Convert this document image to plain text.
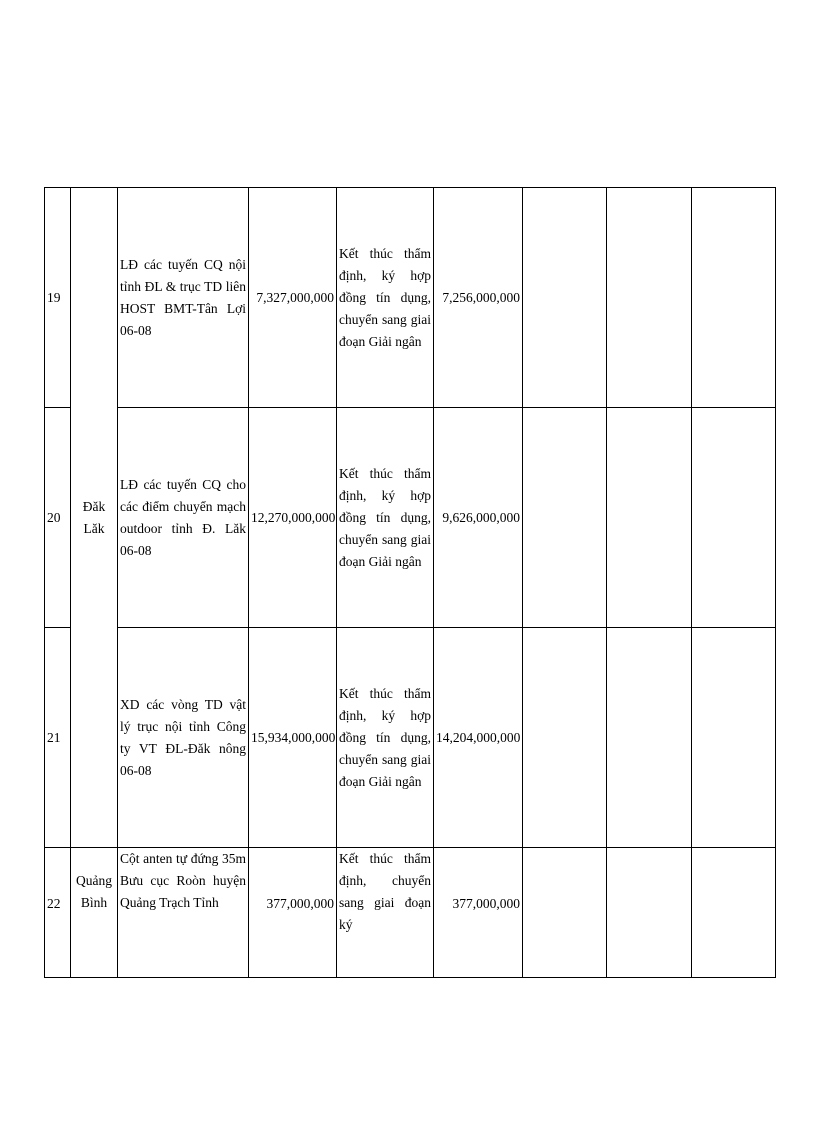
19	Đăk Lăk	LĐ các tuyến CQ nội tỉnh ĐL & trục TD liên HOST BMT-Tân Lợi 06-08	7,327,000,000	Kết thúc thẩm định, ký hợp đồng tín dụng, chuyển sang giai đoạn Giải ngân	7,256,000,000			
20		LĐ các tuyến CQ cho các điểm chuyển mạch outdoor tỉnh Đ. Lăk 06-08	12,270,000,000	Kết thúc thẩm định, ký hợp đồng tín dụng, chuyển sang giai đoạn Giải ngân	9,626,000,000			
21		XD các vòng TD vật lý trục nội tỉnh Công ty VT ĐL-Đăk nông 06-08	15,934,000,000	Kết thúc thẩm định, ký hợp đồng tín dụng, chuyển sang giai đoạn Giải ngân	14,204,000,000			
22	Quảng Bình	Cột anten tự đứng 35m Bưu cục Roòn huyện Quảng Trạch Tỉnh	377,000,000	Kết thúc thẩm định, chuyển sang giai đoạn ký	377,000,000			
